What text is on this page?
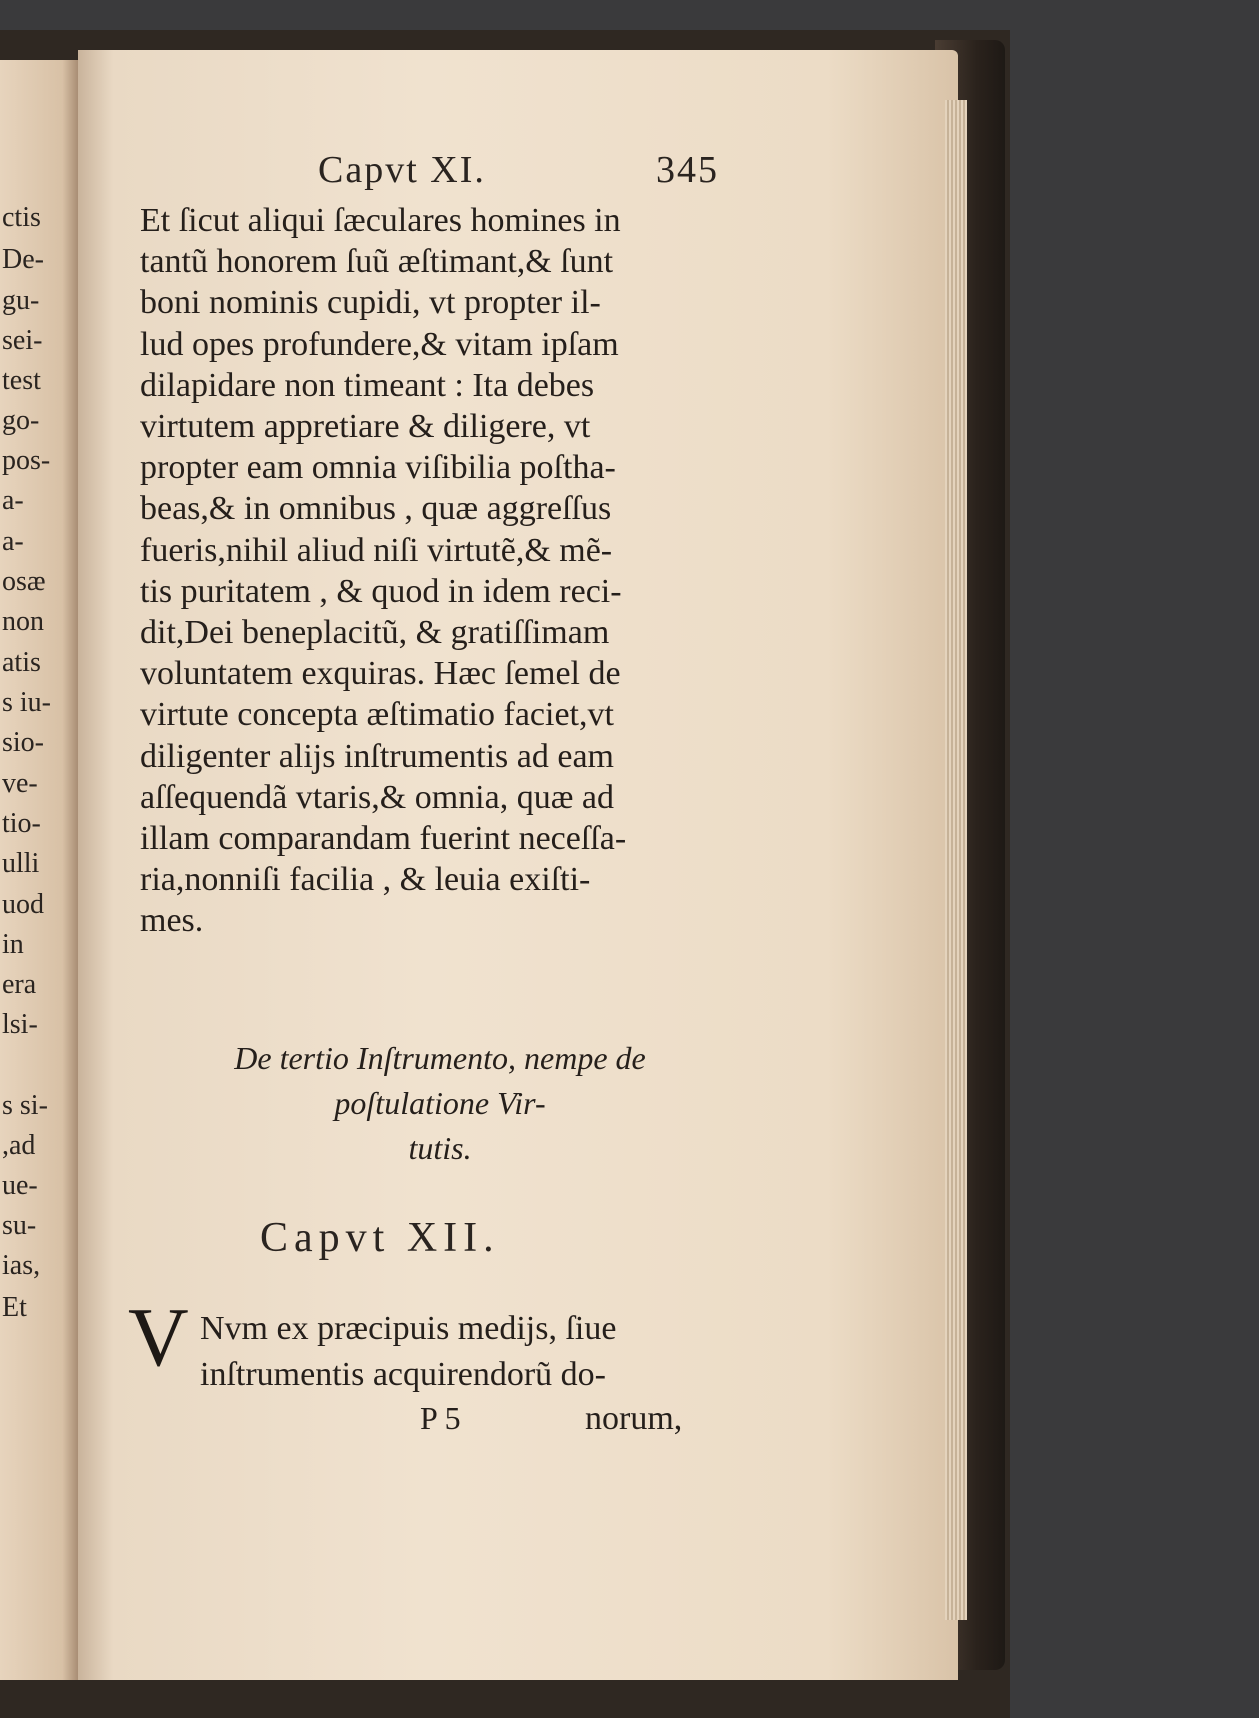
ctis
De-
gu-
sei-
test
go-
pos-
a-
a-
osæ
non
atis
s iu-
sio-
ve-
tio-
ulli
uod
in
era
lsi-
s si-
,ad
ue-
su-
ias,
Et
Capvt XI.	345
Et ſicut aliqui ſæculares homines in
tantũ honorem ſuũ æſtimant,& ſunt
boni nominis cupidi, vt propter il-
lud opes profundere,& vitam ipſam
dilapidare non timeant : Ita debes
virtutem appretiare & diligere, vt
propter eam omnia viſibilia poſtha-
beas,& in omnibus , quæ aggreſſus
fueris,nihil aliud niſi virtutẽ,& mẽ-
tis puritatem , & quod in idem reci-
dit,Dei beneplacitũ, & gratiſſimam
voluntatem exquiras. Hæc ſemel de
virtute concepta æſtimatio faciet,vt
diligenter alijs inſtrumentis ad eam
aſſequendã vtaris,& omnia, quæ ad
illam comparandam fuerint neceſſa-
ria,nonniſi facilia , & leuia exiſti-
mes.
De tertio Inſtrumento, nempe de
poſtulatione Vir-
tutis.
Capvt XII.
V Nvm ex præcipuis medijs, ſiue
inſtrumentis acquirendorũ do-
P 5	norum,
